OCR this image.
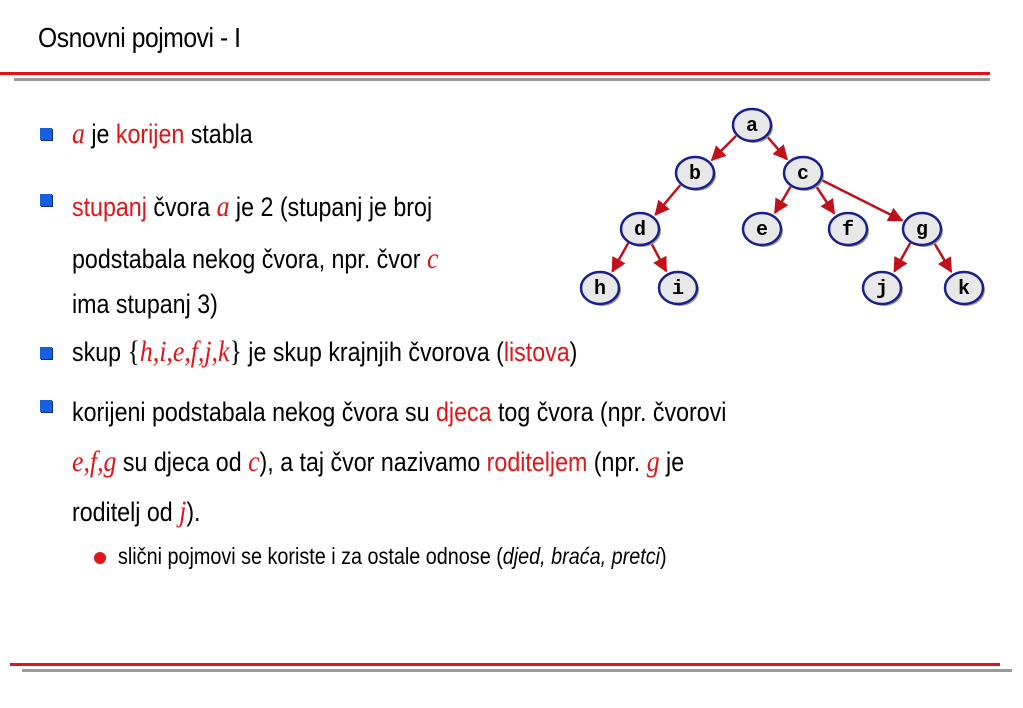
Osnovni pojmovi - I
a je korijen stabla
stupanj čvora a je 2 (stupanj je broj
podstabala nekog čvora, npr. čvor c
ima stupanj 3)
skup {h,i,e,f,j,k} je skup krajnjih čvorova (listova)
korijeni podstabala nekog čvora su djeca tog čvora (npr. čvorovi
e,f,g su djeca od c), a taj čvor nazivamo roditeljem (npr. g je
roditelj od j).
slični pojmovi se koriste i za ostale odnose (djed, braća, pretci)
a
b	c
d	e	f	g
h	i	j	k
